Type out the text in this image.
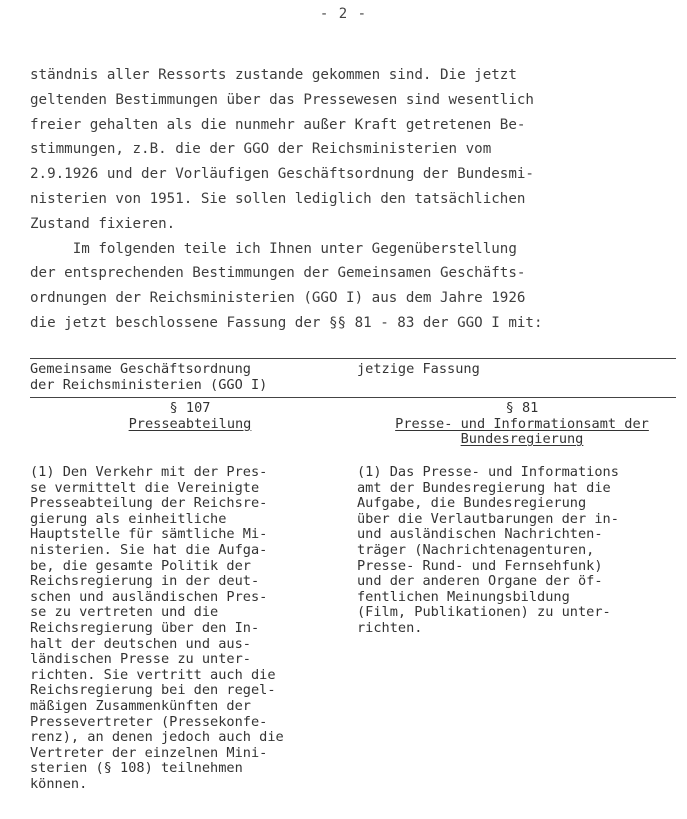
- 2 -
ständnis aller Ressorts zustande gekommen sind. Die jetzt
geltenden Bestimmungen über das Pressewesen sind wesentlich
freier gehalten als die nunmehr außer Kraft getretenen Be-
stimmungen, z.B. die der GGO der Reichsministerien vom
2.9.1926 und der Vorläufigen Geschäftsordnung der Bundesmi-
nisterien von 1951. Sie sollen lediglich den tatsächlichen
Zustand fixieren.
Im folgenden teile ich Ihnen unter Gegenüberstellung
der entsprechenden Bestimmungen der Gemeinsamen Geschäfts-
ordnungen der Reichsministerien (GGO I) aus dem Jahre 1926
die jetzt beschlossene Fassung der §§ 81 - 83 der GGO I mit:
Gemeinsame Geschäftsordnung
der Reichsministerien (GGO I)
jetzige Fassung
§ 107
Presseabteilung
§ 81
Presse- und Informationsamt der
Bundesregierung
(1) Den Verkehr mit der Pres-
se vermittelt die Vereinigte
Presseabteilung der Reichsre-
gierung als einheitliche
Hauptstelle für sämtliche Mi-
nisterien. Sie hat die Aufga-
be, die gesamte Politik der
Reichsregierung in der deut-
schen und ausländischen Pres-
se zu vertreten und die
Reichsregierung über den In-
halt der deutschen und aus-
ländischen Presse zu unter-
richten. Sie vertritt auch die
Reichsregierung bei den regel-
mäßigen Zusammenkünften der
Pressevertreter (Pressekonfe-
renz), an denen jedoch auch die
Vertreter der einzelnen Mini-
sterien (§ 108) teilnehmen
können.
(1) Das Presse- und Informations
amt der Bundesregierung hat die
Aufgabe, die Bundesregierung
über die Verlautbarungen der in-
und ausländischen Nachrichten-
träger (Nachrichtenagenturen,
Presse- Rund- und Fernsehfunk)
und der anderen Organe der öf-
fentlichen Meinungsbildung
(Film, Publikationen) zu unter-
richten.
